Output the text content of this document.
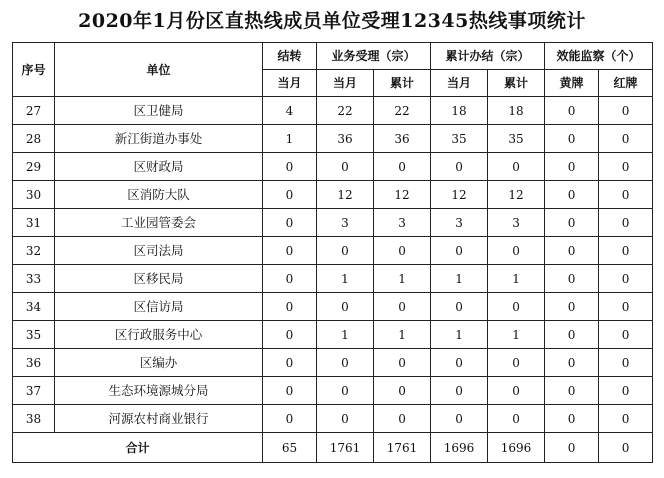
2020年1月份区直热线成员单位受理12345热线事项统计
序号	单位	结转	业务受理（宗）		累计办结（宗）		效能监察（个）	
		当月	当月	累计	当月	累计	黄牌	红牌
27	区卫健局	4	22	22	18	18	0	0
28	新江街道办事处	1	36	36	35	35	0	0
29	区财政局	0	0	0	0	0	0	0
30	区消防大队	0	12	12	12	12	0	0
31	工业园管委会	0	3	3	3	3	0	0
32	区司法局	0	0	0	0	0	0	0
33	区移民局	0	1	1	1	1	0	0
34	区信访局	0	0	0	0	0	0	0
35	区行政服务中心	0	1	1	1	1	0	0
36	区编办	0	0	0	0	0	0	0
37	生态环境源城分局	0	0	0	0	0	0	0
38	河源农村商业银行	0	0	0	0	0	0	0
合计		65	1761	1761	1696	1696	0	0
